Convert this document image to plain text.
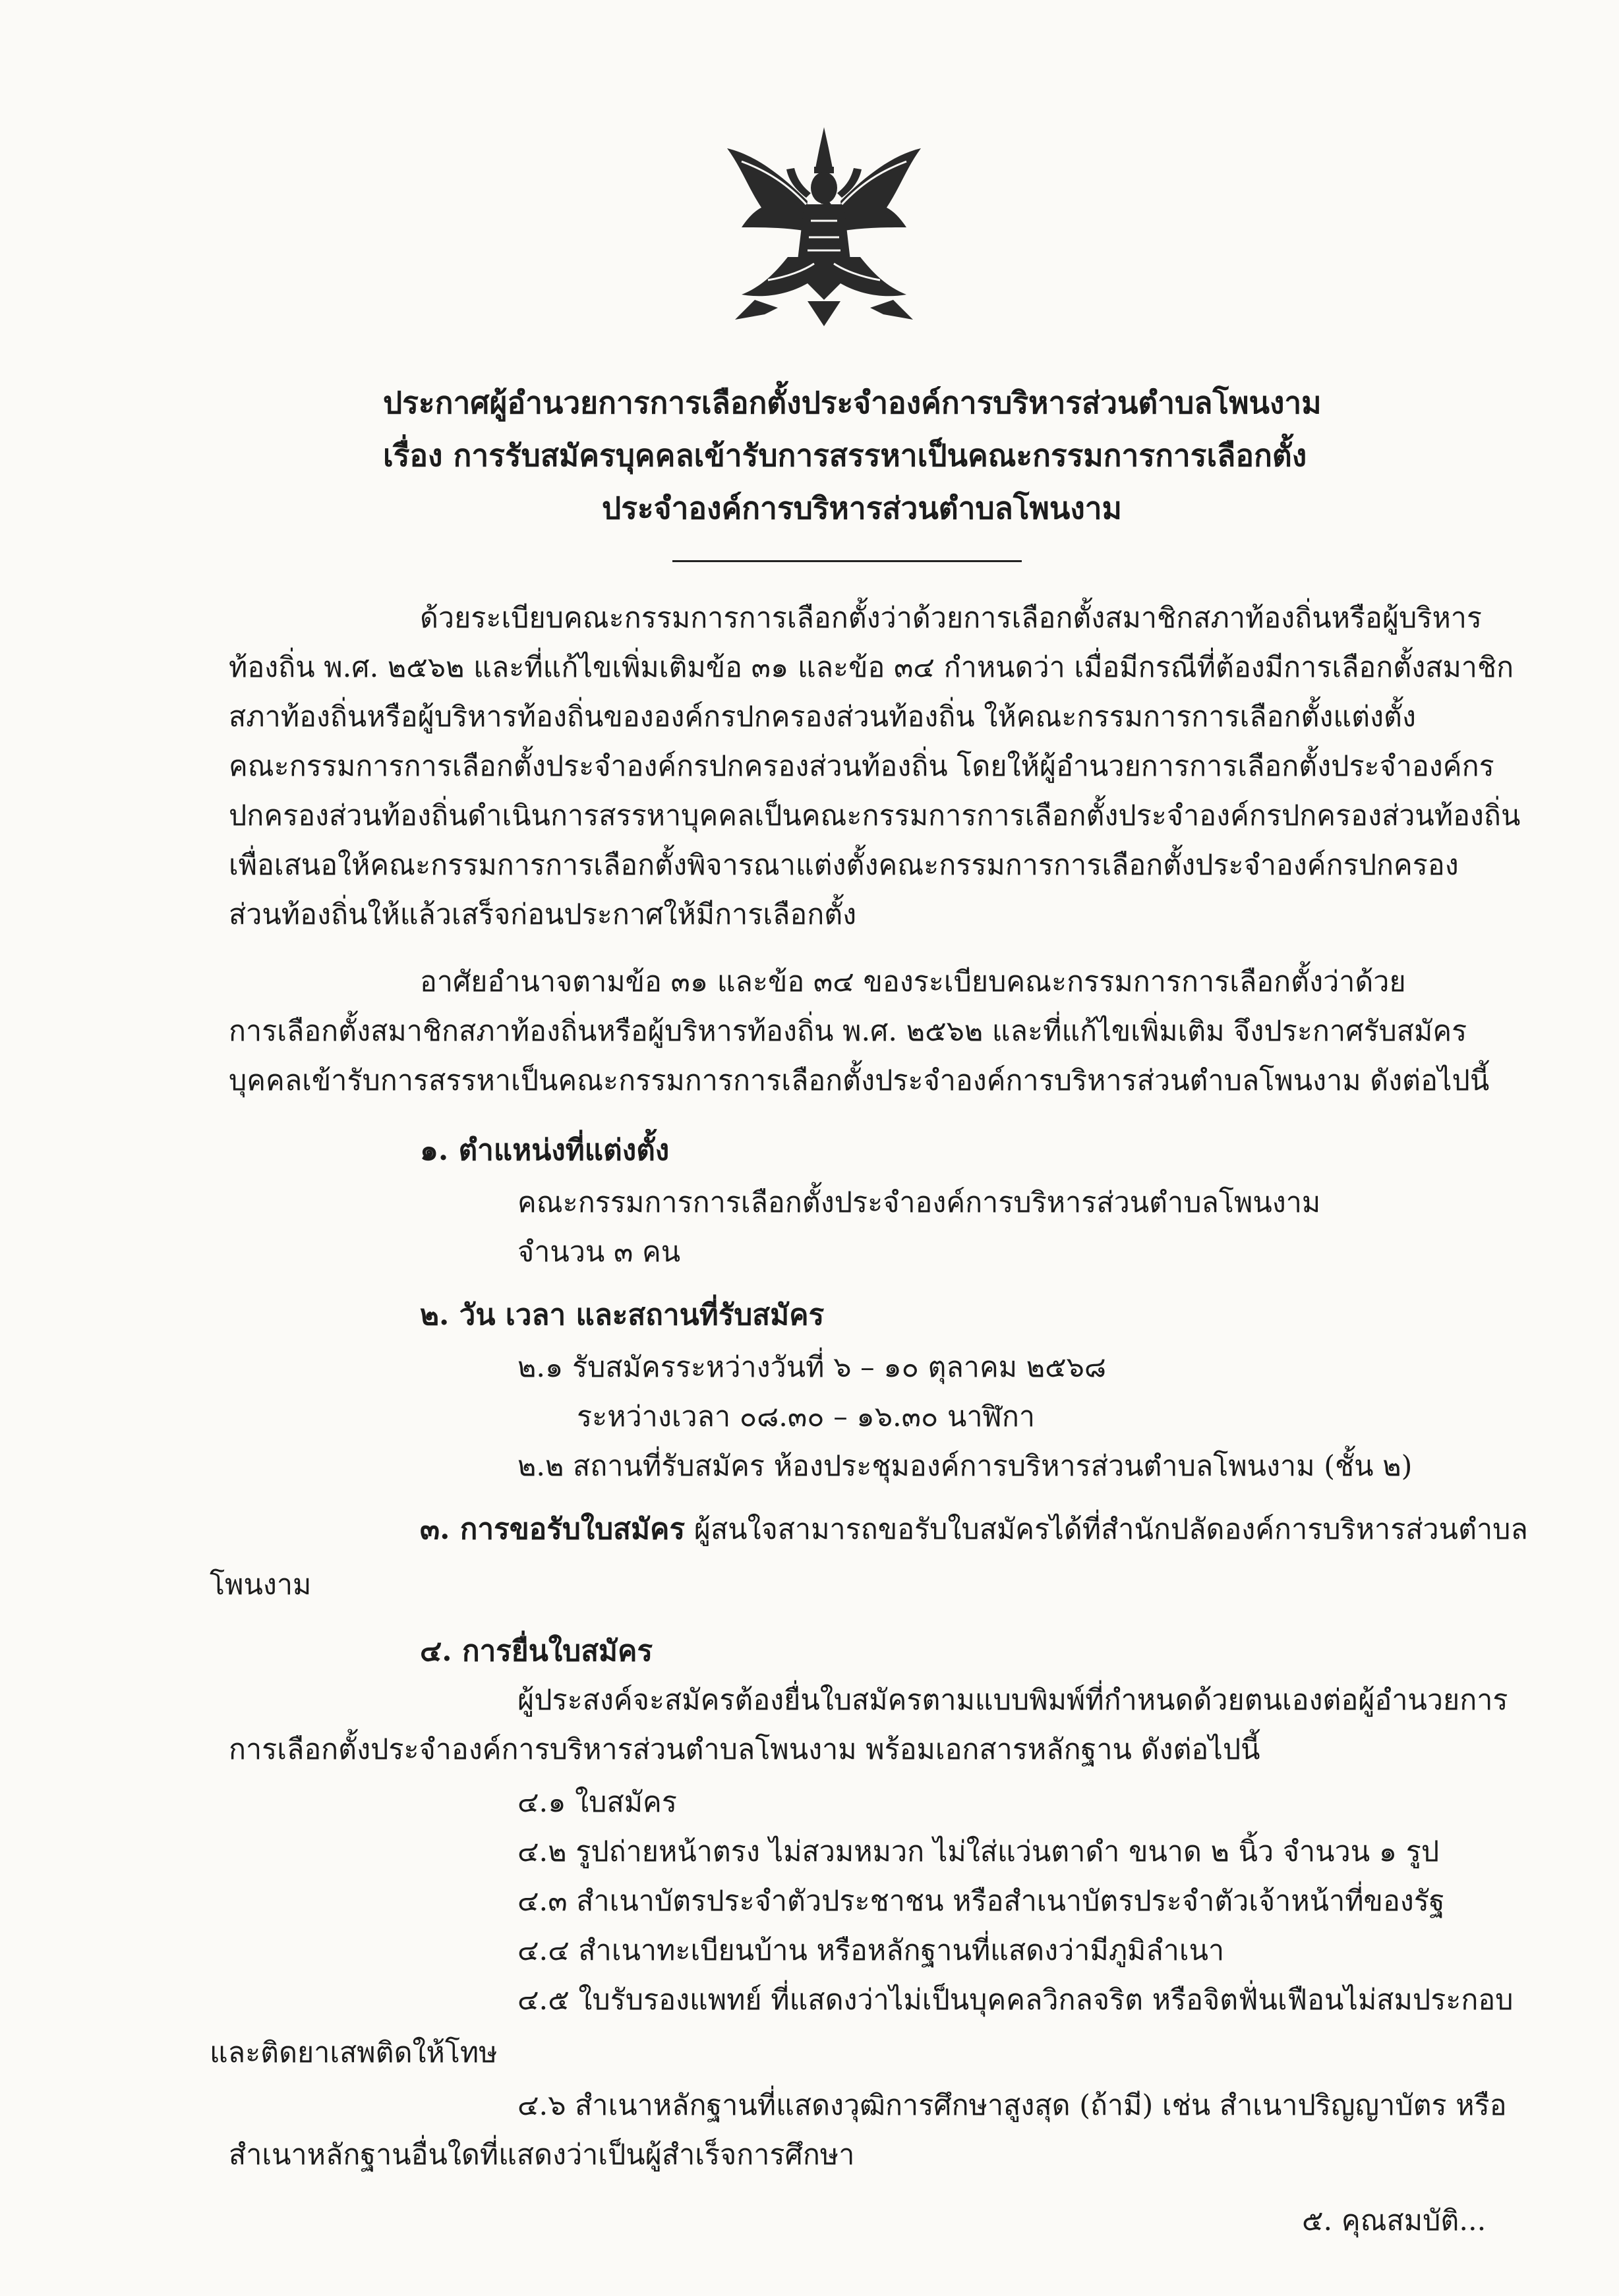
ประกาศผู้อำนวยการการเลือกตั้งประจำองค์การบริหารส่วนตำบลโพนงาม
เรื่อง การรับสมัครบุคคลเข้ารับการสรรหาเป็นคณะกรรมการการเลือกตั้ง
ประจำองค์การบริหารส่วนตำบลโพนงาม
ด้วยระเบียบคณะกรรมการการเลือกตั้งว่าด้วยการเลือกตั้งสมาชิกสภาท้องถิ่นหรือผู้บริหาร
ท้องถิ่น พ.ศ. ๒๕๖๒ และที่แก้ไขเพิ่มเติมข้อ ๓๑ และข้อ ๓๔ กำหนดว่า เมื่อมีกรณีที่ต้องมีการเลือกตั้งสมาชิก
สภาท้องถิ่นหรือผู้บริหารท้องถิ่นขององค์กรปกครองส่วนท้องถิ่น ให้คณะกรรมการการเลือกตั้งแต่งตั้ง
คณะกรรมการการเลือกตั้งประจำองค์กรปกครองส่วนท้องถิ่น โดยให้ผู้อำนวยการการเลือกตั้งประจำองค์กร
ปกครองส่วนท้องถิ่นดำเนินการสรรหาบุคคลเป็นคณะกรรมการการเลือกตั้งประจำองค์กรปกครองส่วนท้องถิ่น
เพื่อเสนอให้คณะกรรมการการเลือกตั้งพิจารณาแต่งตั้งคณะกรรมการการเลือกตั้งประจำองค์กรปกครอง
ส่วนท้องถิ่นให้แล้วเสร็จก่อนประกาศให้มีการเลือกตั้ง
อาศัยอำนาจตามข้อ ๓๑ และข้อ ๓๔ ของระเบียบคณะกรรมการการเลือกตั้งว่าด้วย
การเลือกตั้งสมาชิกสภาท้องถิ่นหรือผู้บริหารท้องถิ่น พ.ศ. ๒๕๖๒ และที่แก้ไขเพิ่มเติม จึงประกาศรับสมัคร
บุคคลเข้ารับการสรรหาเป็นคณะกรรมการการเลือกตั้งประจำองค์การบริหารส่วนตำบลโพนงาม ดังต่อไปนี้
๑. ตำแหน่งที่แต่งตั้ง
คณะกรรมการการเลือกตั้งประจำองค์การบริหารส่วนตำบลโพนงาม
จำนวน ๓ คน
๒. วัน เวลา และสถานที่รับสมัคร
๒.๑ รับสมัครระหว่างวันที่ ๖ – ๑๐ ตุลาคม ๒๕๖๘
ระหว่างเวลา ๐๘.๓๐ – ๑๖.๓๐ นาฬิกา
๒.๒ สถานที่รับสมัคร ห้องประชุมองค์การบริหารส่วนตำบลโพนงาม (ชั้น ๒)
๓. การขอรับใบสมัคร ผู้สนใจสามารถขอรับใบสมัครได้ที่สำนักปลัดองค์การบริหารส่วนตำบล
โพนงาม
๔. การยื่นใบสมัคร
ผู้ประสงค์จะสมัครต้องยื่นใบสมัครตามแบบพิมพ์ที่กำหนดด้วยตนเองต่อผู้อำนวยการ
การเลือกตั้งประจำองค์การบริหารส่วนตำบลโพนงาม พร้อมเอกสารหลักฐาน ดังต่อไปนี้
๔.๑ ใบสมัคร
๔.๒ รูปถ่ายหน้าตรง ไม่สวมหมวก ไม่ใส่แว่นตาดำ ขนาด ๒ นิ้ว จำนวน ๑ รูป
๔.๓ สำเนาบัตรประจำตัวประชาชน หรือสำเนาบัตรประจำตัวเจ้าหน้าที่ของรัฐ
๔.๔ สำเนาทะเบียนบ้าน หรือหลักฐานที่แสดงว่ามีภูมิลำเนา
๔.๕ ใบรับรองแพทย์ ที่แสดงว่าไม่เป็นบุคคลวิกลจริต หรือจิตฟั่นเฟือนไม่สมประกอบ
และติดยาเสพติดให้โทษ
๔.๖ สำเนาหลักฐานที่แสดงวุฒิการศึกษาสูงสุด (ถ้ามี) เช่น สำเนาปริญญาบัตร หรือ
สำเนาหลักฐานอื่นใดที่แสดงว่าเป็นผู้สำเร็จการศึกษา
๕. คุณสมบัติ...
